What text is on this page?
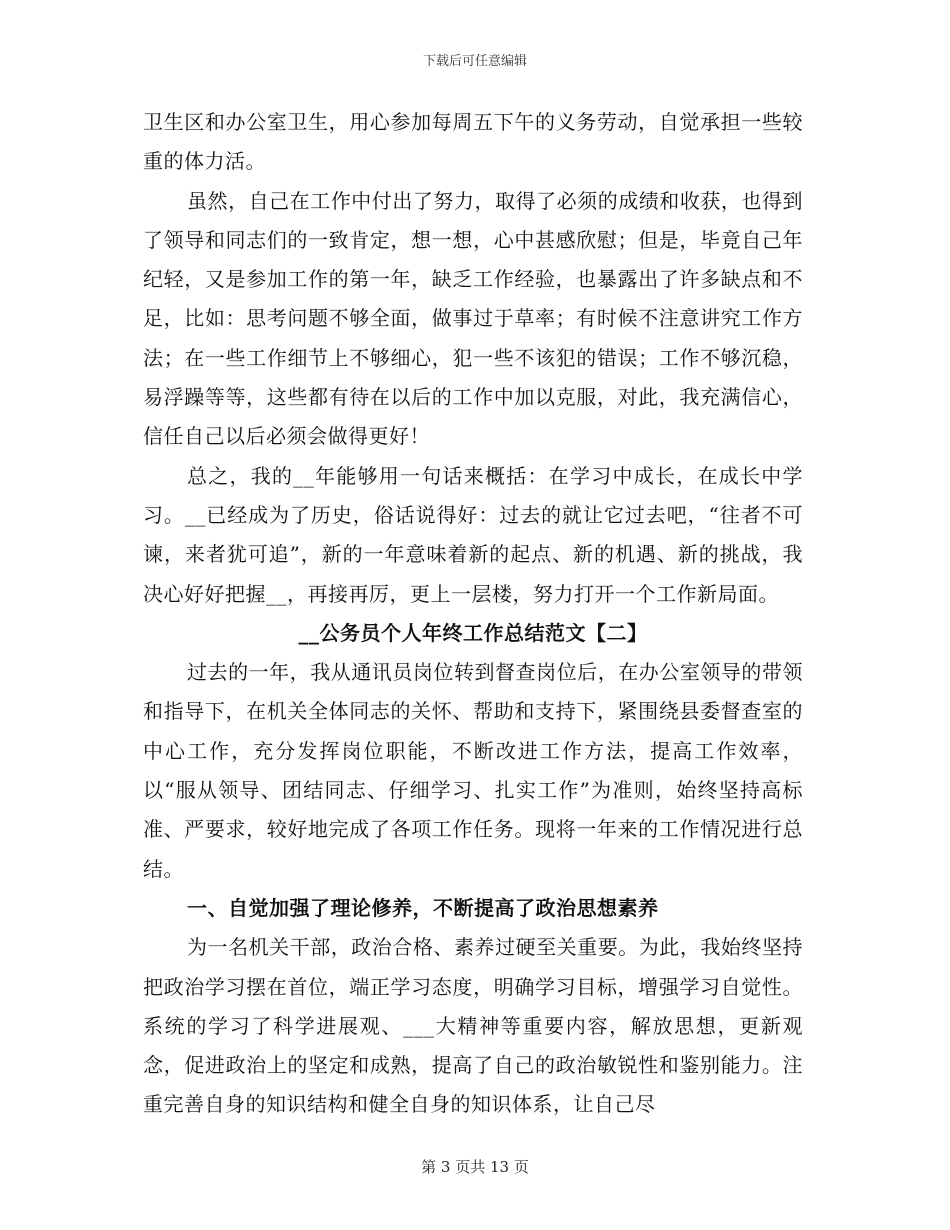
下载后可任意编辑

卫生区和办公室卫生，用心参加每周五下午的义务劳动，自觉承担一些较重的体力活。

虽然，自己在工作中付出了努力，取得了必须的成绩和收获，也得到了领导和同志们的一致肯定，想一想，心中甚感欣慰；但是，毕竟自己年纪轻，又是参加工作的第一年，缺乏工作经验，也暴露出了许多缺点和不足，比如：思考问题不够全面，做事过于草率；有时候不注意讲究工作方法；在一些工作细节上不够细心，犯一些不该犯的错误；工作不够沉稳，易浮躁等等，这些都有待在以后的工作中加以克服，对此，我充满信心，信任自己以后必须会做得更好！

总之，我的__年能够用一句话来概括：在学习中成长，在成长中学习。__已经成为了历史，俗话说得好：过去的就让它过去吧，“往者不可谏，来者犹可追”，新的一年意味着新的起点、新的机遇、新的挑战，我决心好好把握__，再接再厉，更上一层楼，努力打开一个工作新局面。

__公务员个人年终工作总结范文【二】

过去的一年，我从通讯员岗位转到督查岗位后，在办公室领导的带领和指导下，在机关全体同志的关怀、帮助和支持下，紧围绕县委督查室的中心工作，充分发挥岗位职能，不断改进工作方法，提高工作效率，以“服从领导、团结同志、仔细学习、扎实工作”为准则，始终坚持高标准、严要求，较好地完成了各项工作任务。现将一年来的工作情况进行总结。

一、自觉加强了理论修养，不断提高了政治思想素养

为一名机关干部，政治合格、素养过硬至关重要。为此，我始终坚持把政治学习摆在首位，端正学习态度，明确学习目标，增强学习自觉性。系统的学习了科学进展观、___大精神等重要内容，解放思想，更新观念，促进政治上的坚定和成熟，提高了自己的政治敏锐性和鉴别能力。注重完善自身的知识结构和健全自身的知识体系，让自己尽

第 3 页共 13 页
